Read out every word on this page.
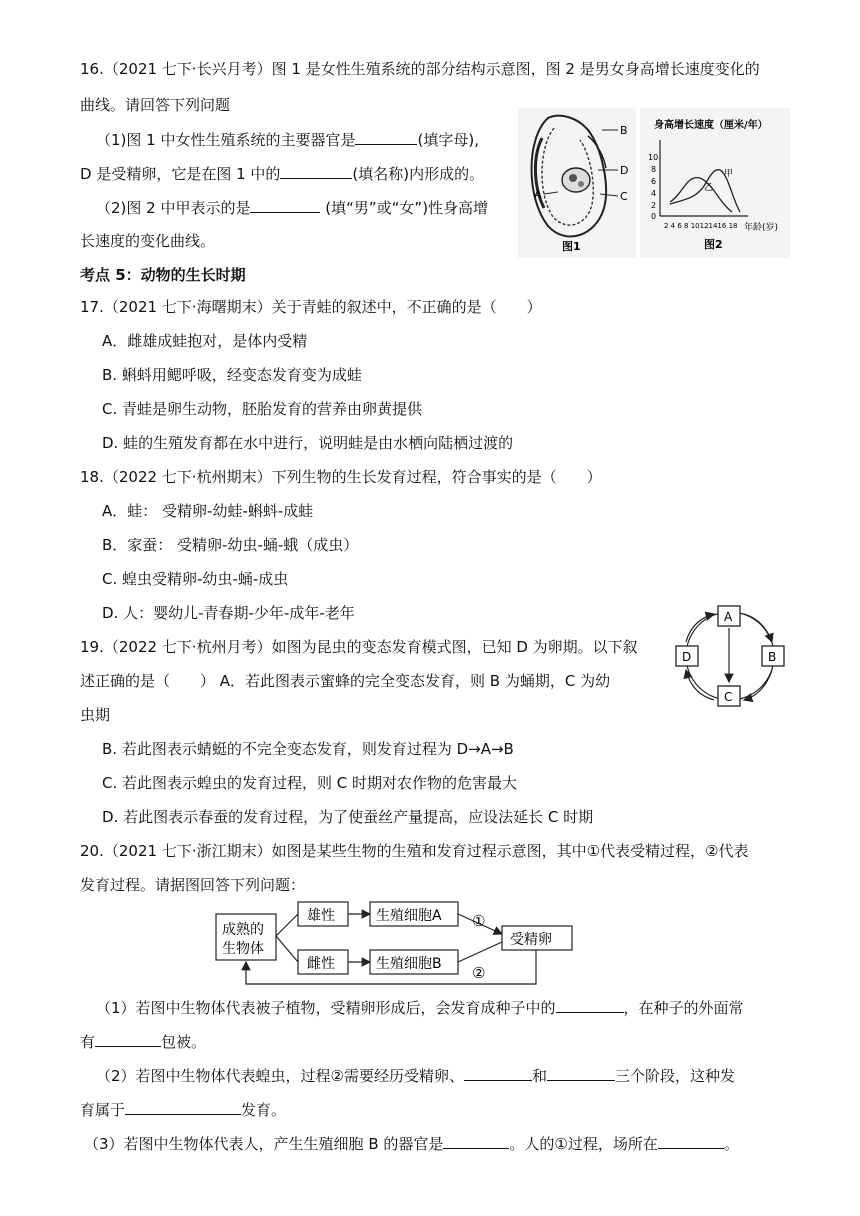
16.（2021 七下·长兴月考）图 1 是女性生殖系统的部分结构示意图，图 2 是男女身高增长速度变化的
曲线。请回答下列问题
（1)图 1 中女性生殖系统的主要器官是	(填字母),
D 是受精卵，它是在图 1 中的	(填名称)内形成的。
（2)图 2 中甲表示的是	(填“男”或“女”)性身高增
长速度的变化曲线。
B
D
C
A
图1
身高增长速度（厘米/年）
10
8
6
4
2
0
甲
乙
2 4 6 8 10121416 18 年龄(岁)
图2
考点 5：动物的生长时期
17.（2021 七下·海曙期末）关于青蛙的叙述中，不正确的是（　　）
A．雌雄成蛙抱对，是体内受精
B. 蝌蚪用鳃呼吸，经变态发育变为成蛙
C. 青蛙是卵生动物，胚胎发育的营养由卵黄提供
D. 蛙的生殖发育都在水中进行，说明蛙是由水栖向陆栖过渡的
18.（2022 七下·杭州期末）下列生物的生长发育过程，符合事实的是（　　）
A．蛙： 受精卵-幼蛙-蝌蚪-成蛙
B．家蚕： 受精卵-幼虫-蛹-蛾（成虫）
C. 蝗虫受精卵-幼虫-蛹-成虫
D. 人：婴幼儿-青春期-少年-成年-老年
19.（2022 七下·杭州月考）如图为昆虫的变态发育模式图，已知 D 为卵期。以下叙
述正确的是（　　） A．若此图表示蜜蜂的完全变态发育，则 B 为蛹期，C 为幼
虫期
B. 若此图表示蜻蜓的不完全变态发育，则发育过程为 D→A→B
C. 若此图表示蝗虫的发育过程，则 C 时期对农作物的危害最大
D. 若此图表示春蚕的发育过程，为了使蚕丝产量提高，应设法延长 C 时期
A
B
C
D
20.（2021 七下·浙江期末）如图是某些生物的生殖和发育过程示意图，其中①代表受精过程，②代表
发育过程。请据图回答下列问题：
成熟的
生物体
雄性
雌性
生殖细胞A
生殖细胞B
①
②
受精卵
（1）若图中生物体代表被子植物，受精卵形成后，会发育成种子中的	，在种子的外面常
有	包被。
（2）若图中生物体代表蝗虫，过程②需要经历受精卵、	和	三个阶段，这种发
育属于	发育。
（3）若图中生物体代表人，产生生殖细胞 B 的器官是	。人的①过程，场所在	。
